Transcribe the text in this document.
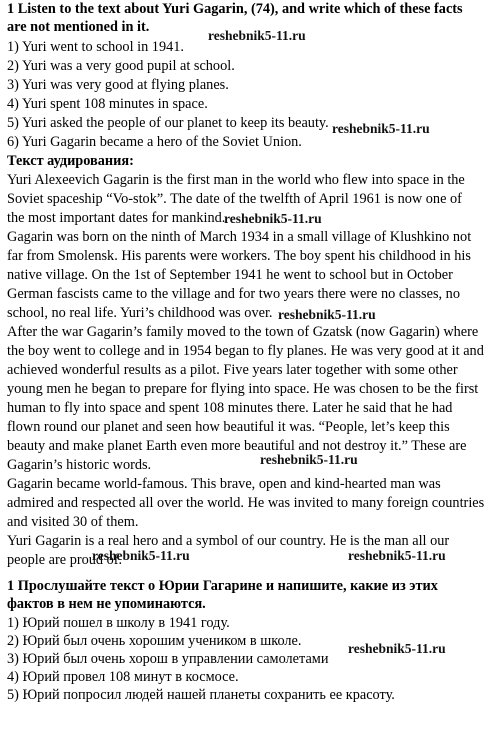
1 Listen to the text about Yuri Gagarin, (74), and write which of these facts
are not mentioned in it.
1) Yuri went to school in 1941.
2) Yuri was a very good pupil at school.
3) Yuri was very good at flying planes.
4) Yuri spent 108 minutes in space.
5) Yuri asked the people of our planet to keep its beauty.
6) Yuri Gagarin became a hero of the Soviet Union.
Текст аудирования:
Yuri Alexeevich Gagarin is the first man in the world who flew into space in the
Soviet spaceship “Vo-stok”. The date of the twelfth of April 1961 is now one of
the most important dates for mankind.
Gagarin was born on the ninth of March 1934 in a small village of Klushkino not
far from Smolensk. His parents were workers. The boy spent his childhood in his
native village. On the 1st of September 1941 he went to school but in October
German fascists came to the village and for two years there were no classes, no
school, no real life. Yuri’s childhood was over.
After the war Gagarin’s family moved to the town of Gzatsk (now Gagarin) where
the boy went to college and in 1954 began to fly planes. He was very good at it and
achieved wonderful results as a pilot. Five years later together with some other
young men he began to prepare for flying into space. He was chosen to be the first
human to fly into space and spent 108 minutes there. Later he said that he had
flown round our planet and seen how beautiful it was. “People, let’s keep this
beauty and make planet Earth even more beautiful and not destroy it.” These are
Gagarin’s historic words.
Gagarin became world-famous. This brave, open and kind-hearted man was
admired and respected all over the world. He was invited to many foreign countries
and visited 30 of them.
Yuri Gagarin is a real hero and a symbol of our country. He is the man all our
people are proud of.
1 Прослушайте текст о Юрии Гагарине и напишите, какие из этих
фактов в нем не упоминаются.
1) Юрий пошел в школу в 1941 году.
2) Юрий был очень хорошим учеником в школе.
3) Юрий был очень хорош в управлении самолетами
4) Юрий провел 108 минут в космосе.
5) Юрий попросил людей нашей планеты сохранить ее красоту.
reshebnik5-11.ru
reshebnik5-11.ru
reshebnik5-11.ru
reshebnik5-11.ru
reshebnik5-11.ru
reshebnik5-11.ru	reshebnik5-11.ru
reshebnik5-11.ru
